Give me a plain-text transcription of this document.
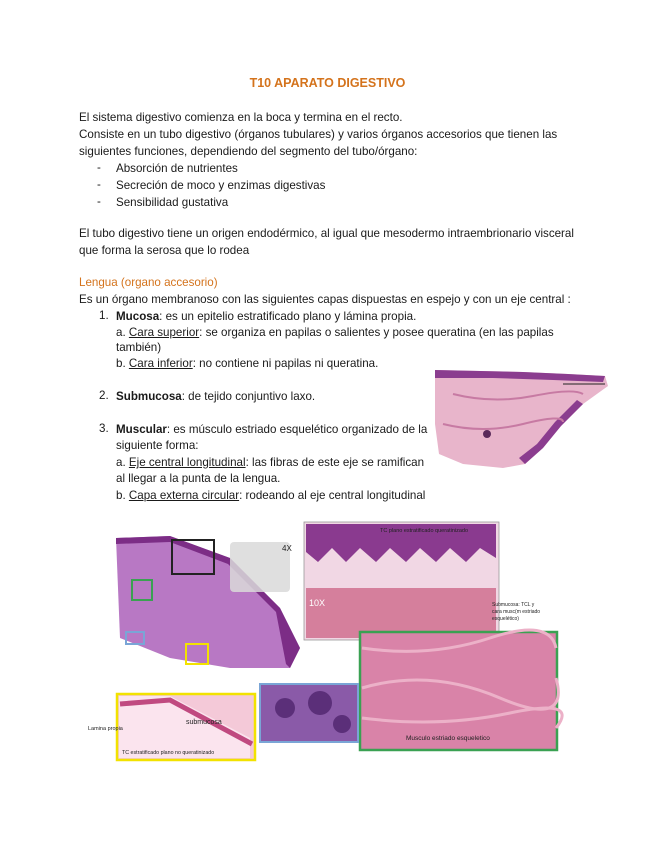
T10 APARATO DIGESTIVO
El sistema digestivo comienza en la boca y termina en el recto.
Consiste en un tubo digestivo (órganos tubulares) y varios órganos accesorios que tienen las
siguientes funciones, dependiendo del segmento del tubo/órgano:
- Absorción de nutrientes
- Secreción de moco y enzimas digestivas
- Sensibilidad gustativa
El tubo digestivo tiene un origen endodérmico, al igual que mesodermo intraembrionario visceral
que forma la serosa que lo rodea
Lengua (organo accesorio)
Es un órgano membranoso con las siguientes capas dispuestas en espejo y con un eje central :
1. Mucosa: es un epitelio estratificado plano y lámina propia.
a. Cara superior: se organiza en papilas o salientes y posee queratina (en las papilas
también)
b. Cara inferior: no contiene ni papilas ni queratina.
2. Submucosa: de tejido conjuntivo laxo.
3. Muscular: es músculo estriado esquelético organizado de la
siguiente forma:
a. Eje central longitudinal: las fibras de este eje se ramifican
al llegar a la punta de la lengua.
b. Capa externa circular: rodeando al eje central longitudinal
4X
TC plano estratificado queratinizado
10X	Submucosa: TCL y
cara musc(m estriado
esquelético)
Musculo estriado esqueletico
Lamina propia
submucosa
TC estratificado plano no queratinizado
